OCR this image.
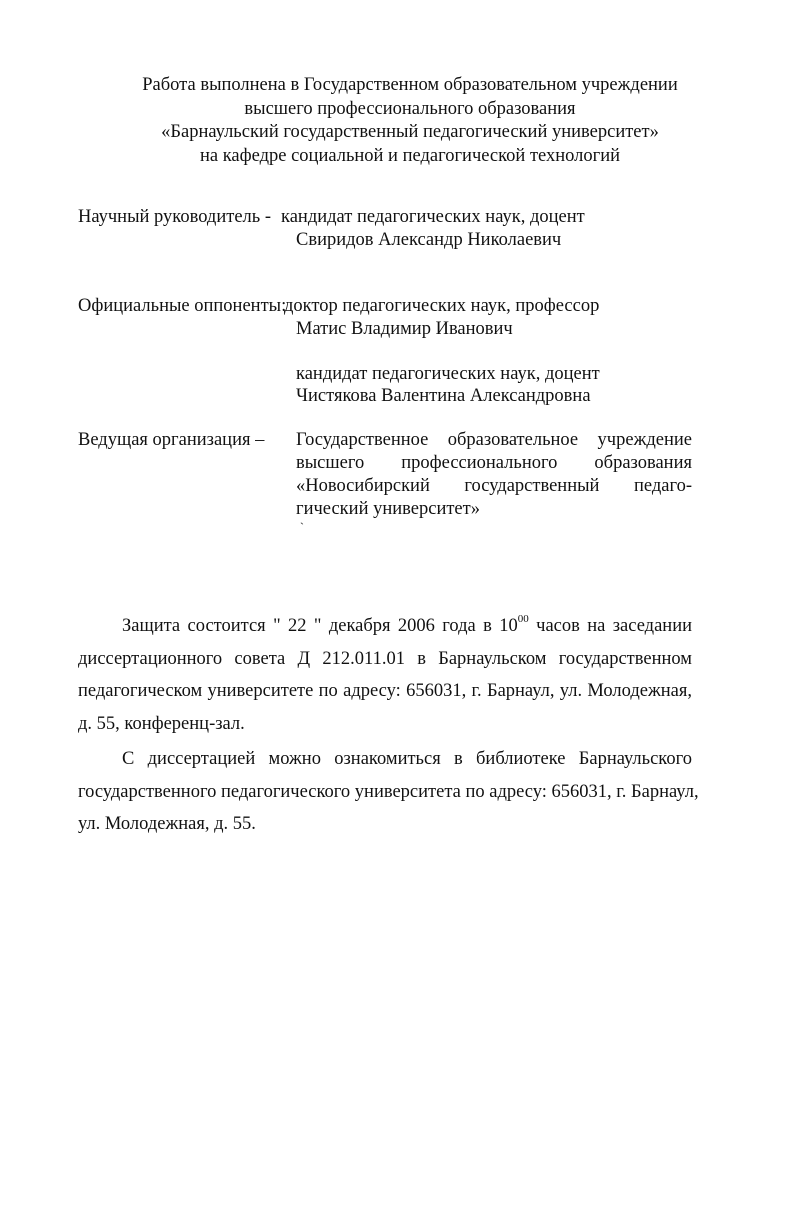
Работа выполнена в Государственном образовательном учреждении
высшего профессионального образования
«Барнаульский государственный педагогический университет»
на кафедре социальной и педагогической технологий
Научный руководитель - кандидат педагогических наук, доцент
Свиридов Александр Николаевич
Официальные оппоненты:
доктор педагогических наук, профессор
Матис Владимир Иванович
кандидат педагогических наук, доцент
Чистякова Валентина Александровна
Ведущая организация – Государственное образовательное учреждение
высшего профессионального образования
«Новосибирский государственный педаго-
гический университет»
`
Защита состоится " 22 " декабря 2006 года в $10^{00}$ часов на заседании
диссертационного совета Д 212.011.01 в Барнаульском государственном
педагогическом университете по адресу: 656031, г. Барнаул, ул. Молодежная,
д. 55, конференц-зал.
С диссертацией можно ознакомиться в библиотеке Барнаульского
государственного педагогического университета по адресу: 656031, г. Барнаул,
ул. Молодежная, д. 55.
